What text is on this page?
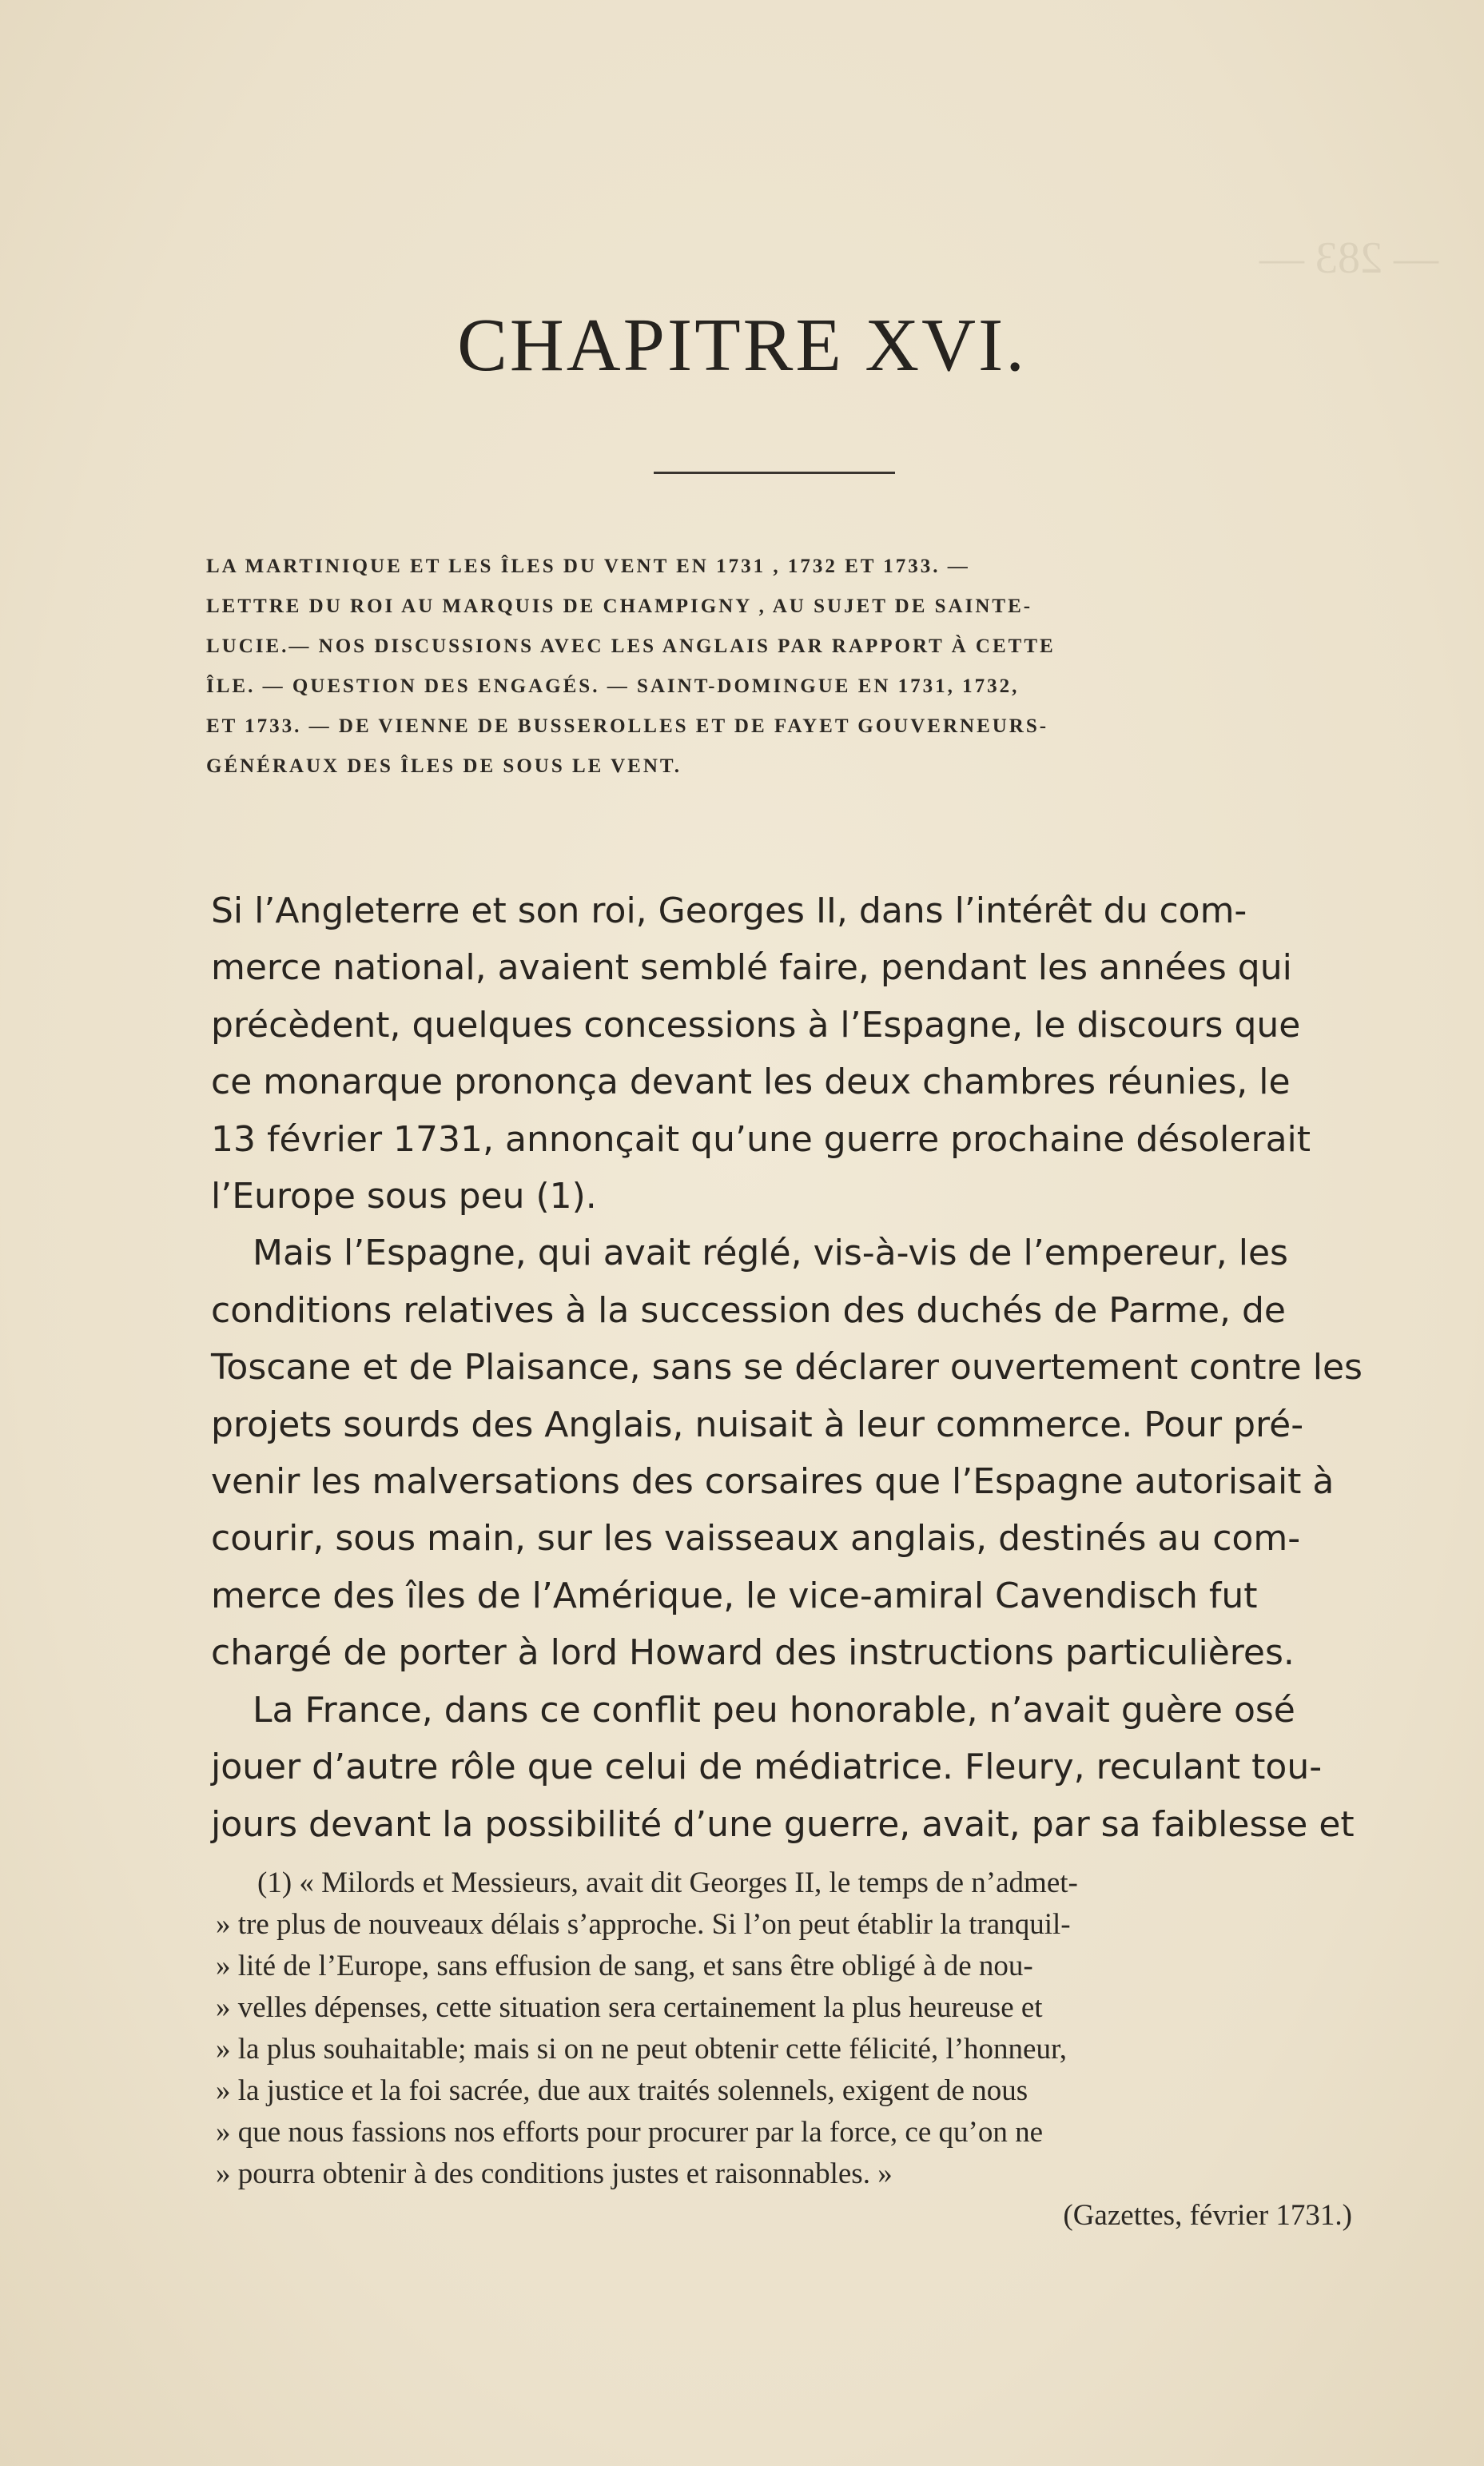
— 283 —
CHAPITRE XVI.
LA MARTINIQUE ET LES ÎLES DU VENT EN 1731 , 1732 ET 1733. —
LETTRE DU ROI AU MARQUIS DE CHAMPIGNY , AU SUJET DE SAINTE-
LUCIE.— NOS DISCUSSIONS AVEC LES ANGLAIS PAR RAPPORT À CETTE
ÎLE. — QUESTION DES ENGAGÉS. — SAINT-DOMINGUE EN 1731, 1732,
ET 1733. — DE VIENNE DE BUSSEROLLES ET DE FAYET GOUVERNEURS-
GÉNÉRAUX DES ÎLES DE SOUS LE VENT.
Si l’Angleterre et son roi, Georges II, dans l’intérêt du com-
merce national, avaient semblé faire, pendant les années qui
précèdent, quelques concessions à l’Espagne, le discours que
ce monarque prononça devant les deux chambres réunies, le
13 février 1731, annonçait qu’une guerre prochaine désolerait
l’Europe sous peu (1).
Mais l’Espagne, qui avait réglé, vis-à-vis de l’empereur, les
conditions relatives à la succession des duchés de Parme, de
Toscane et de Plaisance, sans se déclarer ouvertement contre les
projets sourds des Anglais, nuisait à leur commerce. Pour pré-
venir les malversations des corsaires que l’Espagne autorisait à
courir, sous main, sur les vaisseaux anglais, destinés au com-
merce des îles de l’Amérique, le vice-amiral Cavendisch fut
chargé de porter à lord Howard des instructions particulières.
La France, dans ce conflit peu honorable, n’avait guère osé
jouer d’autre rôle que celui de médiatrice. Fleury, reculant tou-
jours devant la possibilité d’une guerre, avait, par sa faiblesse et
(1) « Milords et Messieurs, avait dit Georges II, le temps de n’admet-
» tre plus de nouveaux délais s’approche. Si l’on peut établir la tranquil-
» lité de l’Europe, sans effusion de sang, et sans être obligé à de nou-
» velles dépenses, cette situation sera certainement la plus heureuse et
» la plus souhaitable; mais si on ne peut obtenir cette félicité, l’honneur,
» la justice et la foi sacrée, due aux traités solennels, exigent de nous
» que nous fassions nos efforts pour procurer par la force, ce qu’on ne
» pourra obtenir à des conditions justes et raisonnables. »
(Gazettes, février 1731.)
